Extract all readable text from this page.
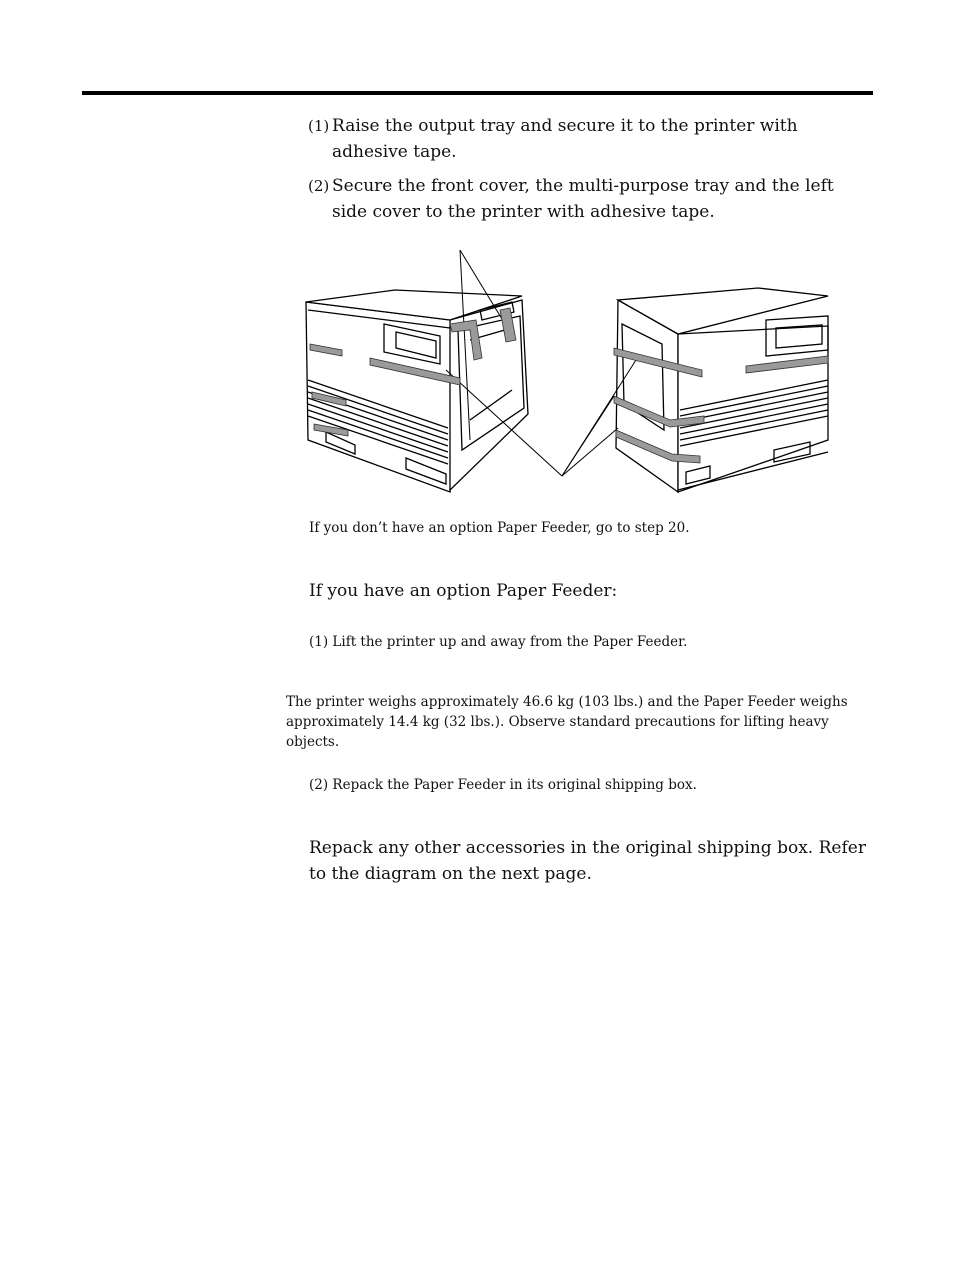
(1) Raise the output tray and secure it to the printer with adhesive tape.
(2) Secure the front cover, the multi-purpose tray and the left side cover to the printer with adhesive tape.
If you don’t have an option Paper Feeder, go to step 20.
If you have an option Paper Feeder:
(1) Lift the printer up and away from the Paper Feeder.
The printer weighs approximately 46.6 kg (103 lbs.) and the Paper Feeder weighs approximately 14.4 kg (32 lbs.). Observe standard precautions for lifting heavy objects.
(2) Repack the Paper Feeder in its original shipping box.
Repack any other accessories in the original shipping box. Refer to the diagram on the next page.
